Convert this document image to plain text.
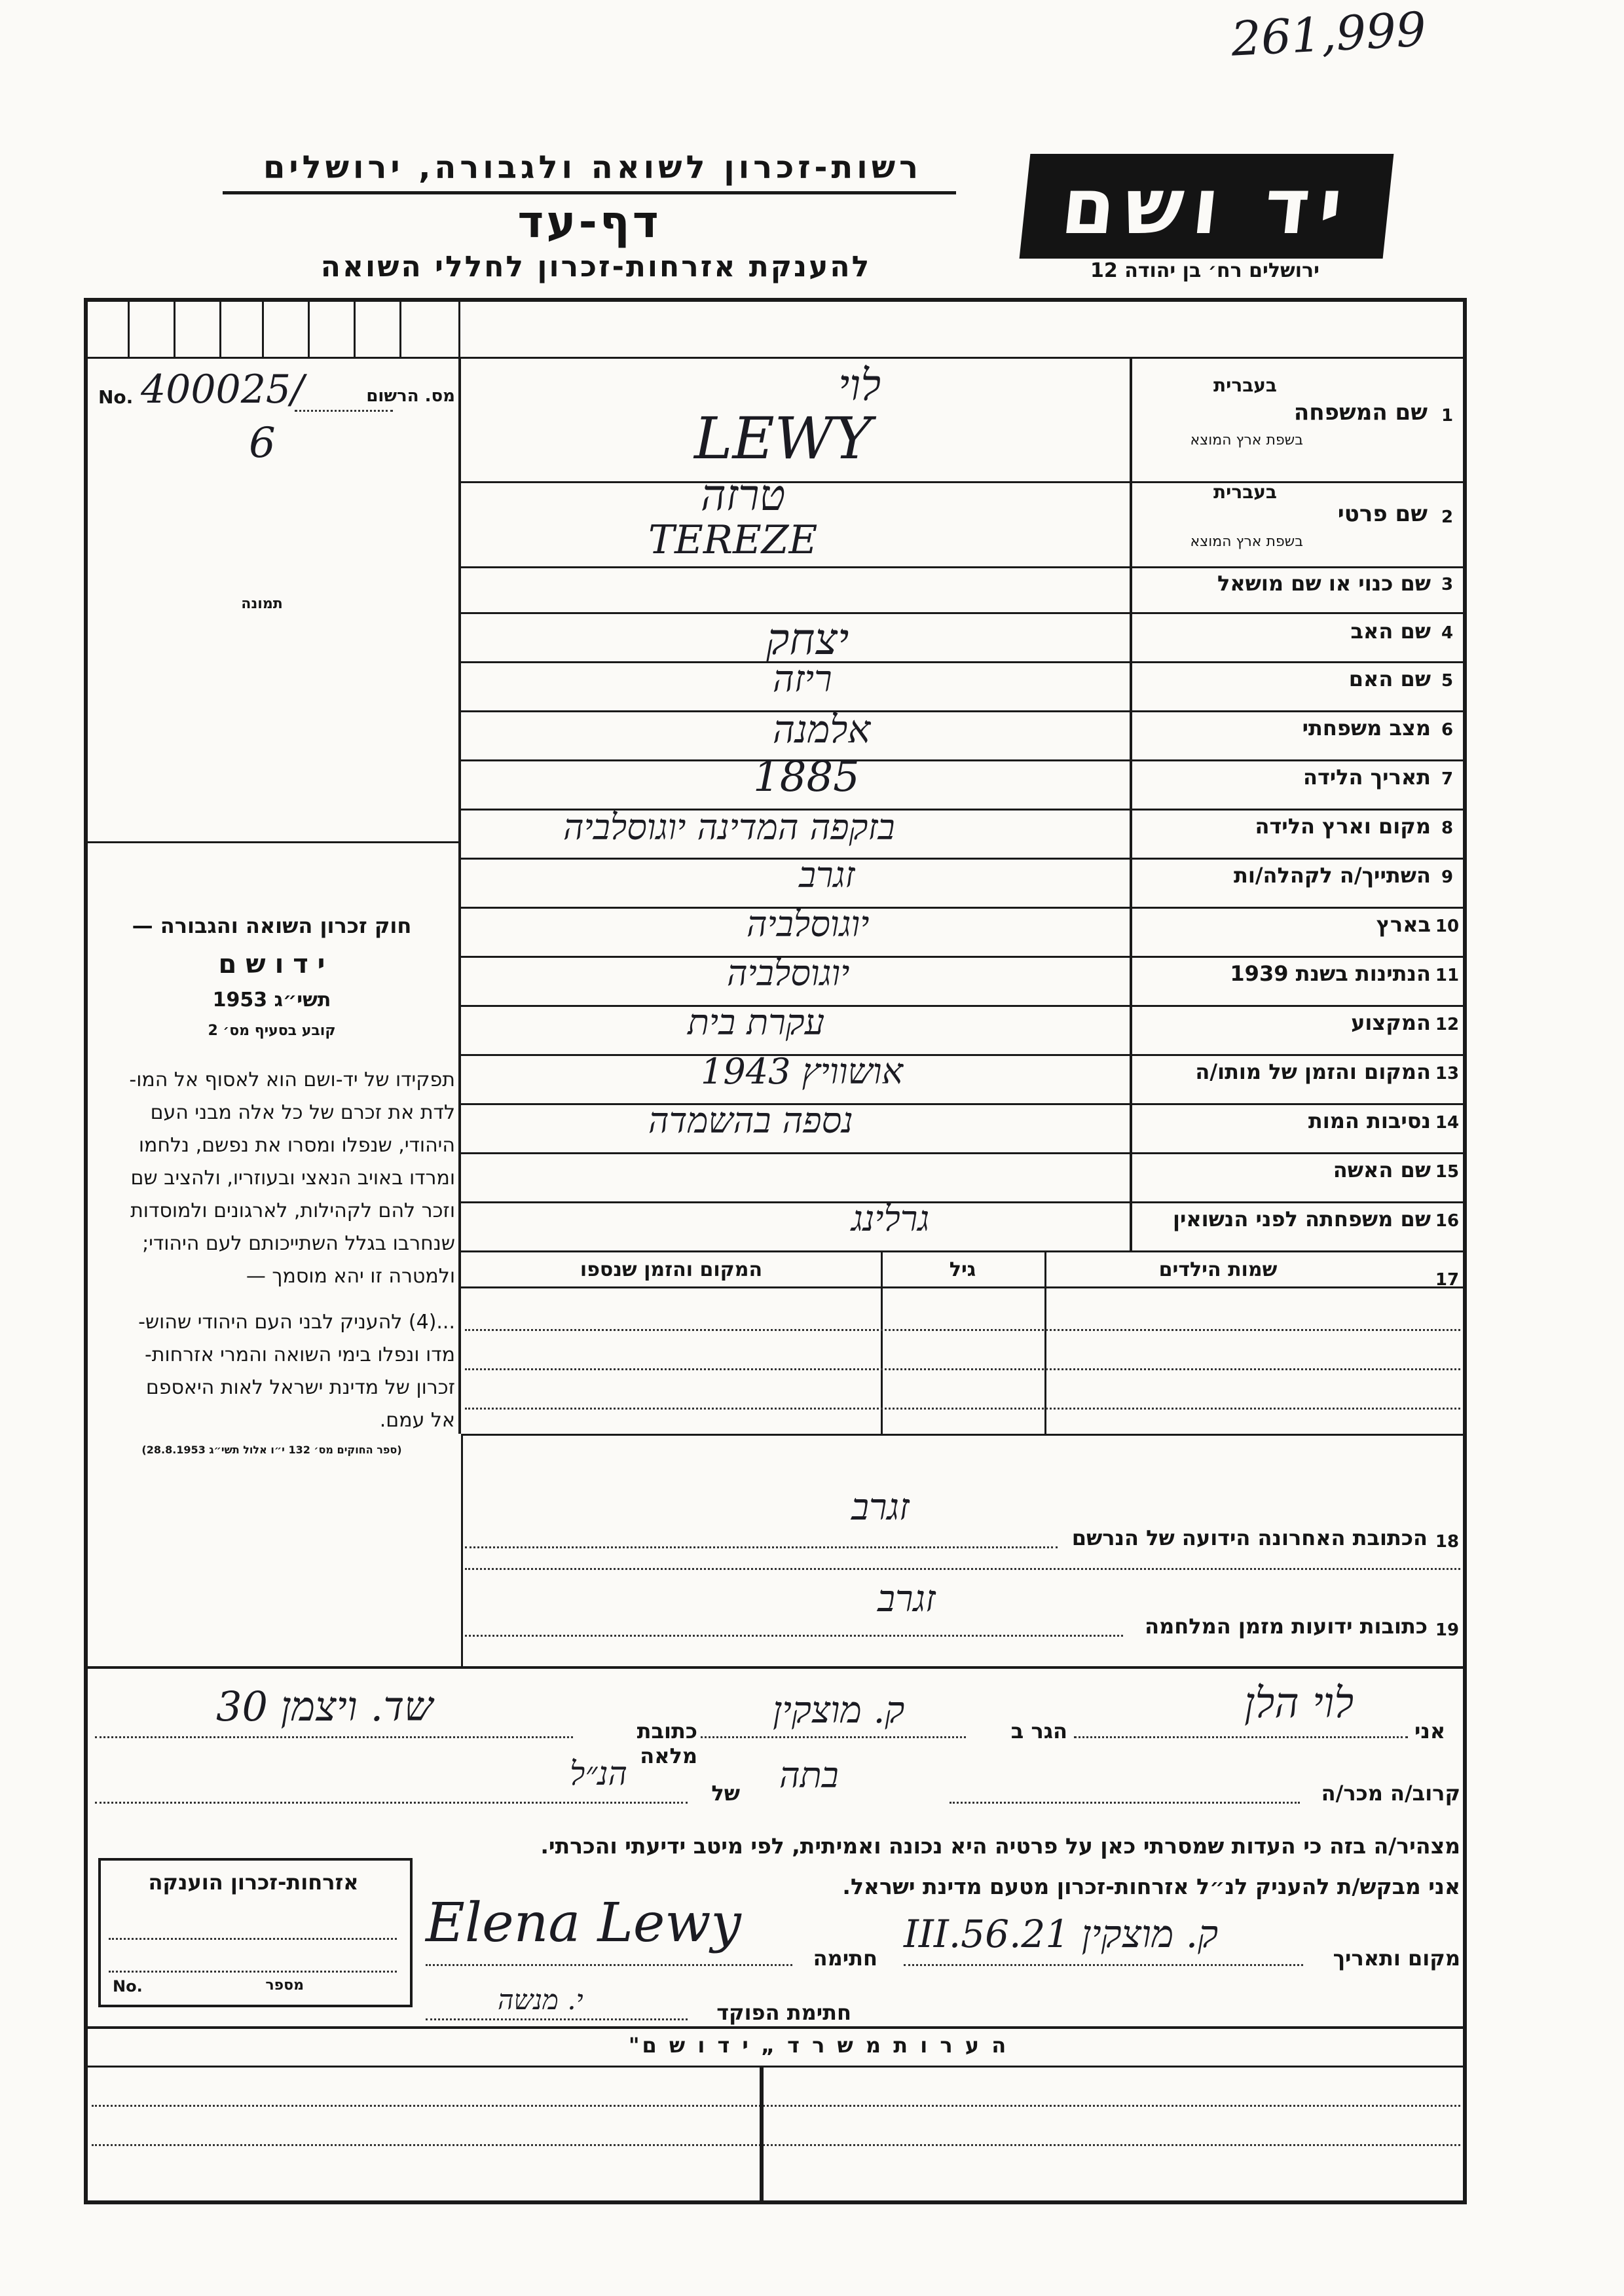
261,999
יד ושם
ירושלים רח׳ בן יהודה 12
רשות-זכרון לשואה ולגבורה, ירושלים
דף-עד
להענקת אזרחות-זכרון לחללי השואה
No. 400025/	מס. הרשום
6
תמונה
חוק זכרון השואה והגבורה —
י ד ו ש ם
תשי״ג 1953
קובע בסעיף מס׳ 2
תפקידו של יד-ושם הוא לאסוף אל המו-
לדת את זכרם של כל אלה מבני העם
היהודי, שנפלו ומסרו את נפשם, נלחמו
ומרדו באויב הנאצי ובעוזריו, ולהציב שם
וזכר להם לקהילות, לארגונים ולמוסדות
שנחרבו בגלל השתייכותם לעם היהודי;
ולמטרה זו יהא מוסמך —
...(4) להעניק לבני העם היהודי שהוש-
מדו ונפלו בימי השואה והמרי אזרחות-
זכרון של מדינת ישראל לאות היאספם
אל עמם.
(ספר החוקים מס׳ 132 י״ו אלול תשי״ג 28.8.1953)
1
שם המשפחה
בעברית
בשפת ארץ המוצא
לוי
LEWY
2
שם פרטי
בעברית
בשפת ארץ המוצא
טרזה
TEREZE
3
שם כנוי או שם מושאל
4
שם האב
יצחק
5
שם האם
ריזה
6
מצב משפחתי
אלמנה
7
תאריך הלידה
1885
8
מקום וארץ הלידה
בזקפה המדינה יוגוסלביה
9
השתייך/ה לקהלה/ות
זגרב
10
בארץ
יוגוסלביה
11
הנתינות בשנת 1939
יוגוסלביה
12
המקצוע
עקרת בית
13
המקום והזמן של מותו/ה
אושוויץ 1943
14
נסיבות המות
נספה בהשמדה
15
שם האשה
16
שם משפחתה לפני הנשואין
גרלינג
17
שמות הילדים
גיל
המקום והזמן שנספו
18
הכתובת האחרונה הידועה של הנרשם
זגרב
19
כתובות ידועות מזמן המלחמה
זגרב
אני
לוי הלן
הגר ב
ק. מוצקין
כתובת מלאה
שד. ויצמן 30
קרוב/ה מכר/ה
בתה
של
הנ״ל
מצהיר/ה בזה כי העדות שמסרתי כאן על פרטיה היא נכונה ואמיתית, לפי מיטב ידיעתי והכרתי.
אני מבקש/ת להעניק לנ״ל אזרחות-זכרון מטעם מדינת ישראל.
מקום ותאריך
ק. מוצקין 21.III.56
חתימה
Elena Lewy
חתימת הפוקד
י. מנשה
אזרחות-זכרון הוענקה
No.	מספר
ה ע ר ו ת מ ש ר ד „ י ד ו ש ם"
